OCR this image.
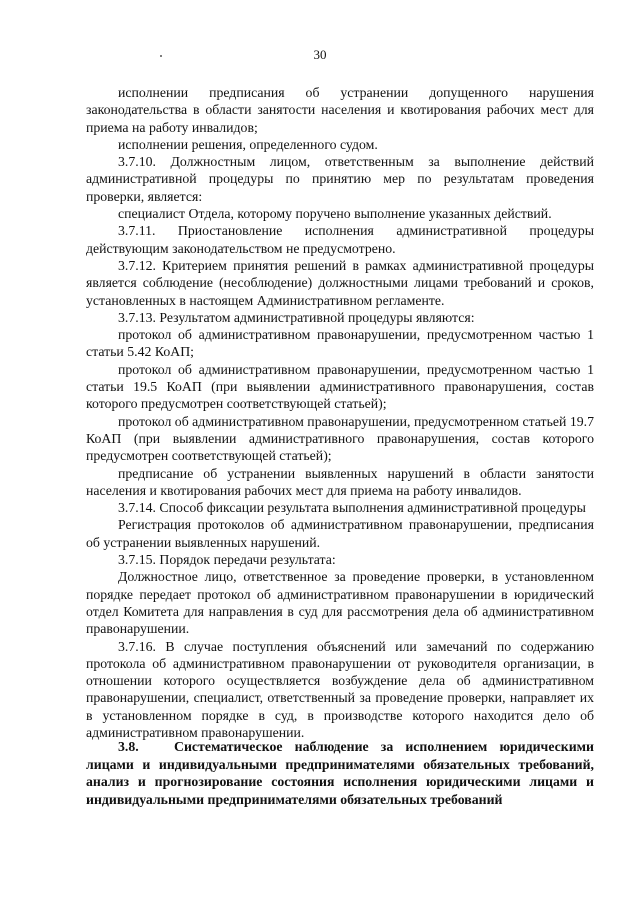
30

исполнении предписания об устранении допущенного нарушения законодательства в области занятости населения и квотирования рабочих мест для приема на работу инвалидов;

исполнении решения, определенного судом.

3.7.10. Должностным лицом, ответственным за выполнение действий административной процедуры по принятию мер по результатам проведения проверки, является:

специалист Отдела, которому поручено выполнение указанных действий.

3.7.11. Приостановление исполнения административной процедуры действующим законодательством не предусмотрено.

3.7.12. Критерием принятия решений в рамках административной процедуры является соблюдение (несоблюдение) должностными лицами требований и сроков, установленных в настоящем Административном регламенте.

3.7.13. Результатом административной процедуры являются:

протокол об административном правонарушении, предусмотренном частью 1 статьи 5.42 КоАП;

протокол об административном правонарушении, предусмотренном частью 1 статьи 19.5 КоАП (при выявлении административного правонарушения, состав которого предусмотрен соответствующей статьей);

протокол об административном правонарушении, предусмотренном статьей 19.7 КоАП (при выявлении административного правонарушения, состав которого предусмотрен соответствующей статьей);

предписание об устранении выявленных нарушений в области занятости населения и квотирования рабочих мест для приема на работу инвалидов.

3.7.14. Способ фиксации результата выполнения административной процедуры

Регистрация протоколов об административном правонарушении, предписания об устранении выявленных нарушений.

3.7.15. Порядок передачи результата:

Должностное лицо, ответственное за проведение проверки, в установленном порядке передает протокол об административном правонарушении в юридический отдел Комитета для направления в суд для рассмотрения дела об административном правонарушении.

3.7.16. В случае поступления объяснений или замечаний по содержанию протокола об административном правонарушении от руководителя организации, в отношении которого осуществляется возбуждение дела об административном правонарушении, специалист, ответственный за проведение проверки, направляет их в установленном порядке в суд, в производстве которого находится дело об административном правонарушении.

3.8.	Систематическое наблюдение за исполнением юридическими лицами и индивидуальными предпринимателями обязательных требований, анализ и прогнозирование состояния исполнения юридическими лицами и индивидуальными предпринимателями обязательных требований
